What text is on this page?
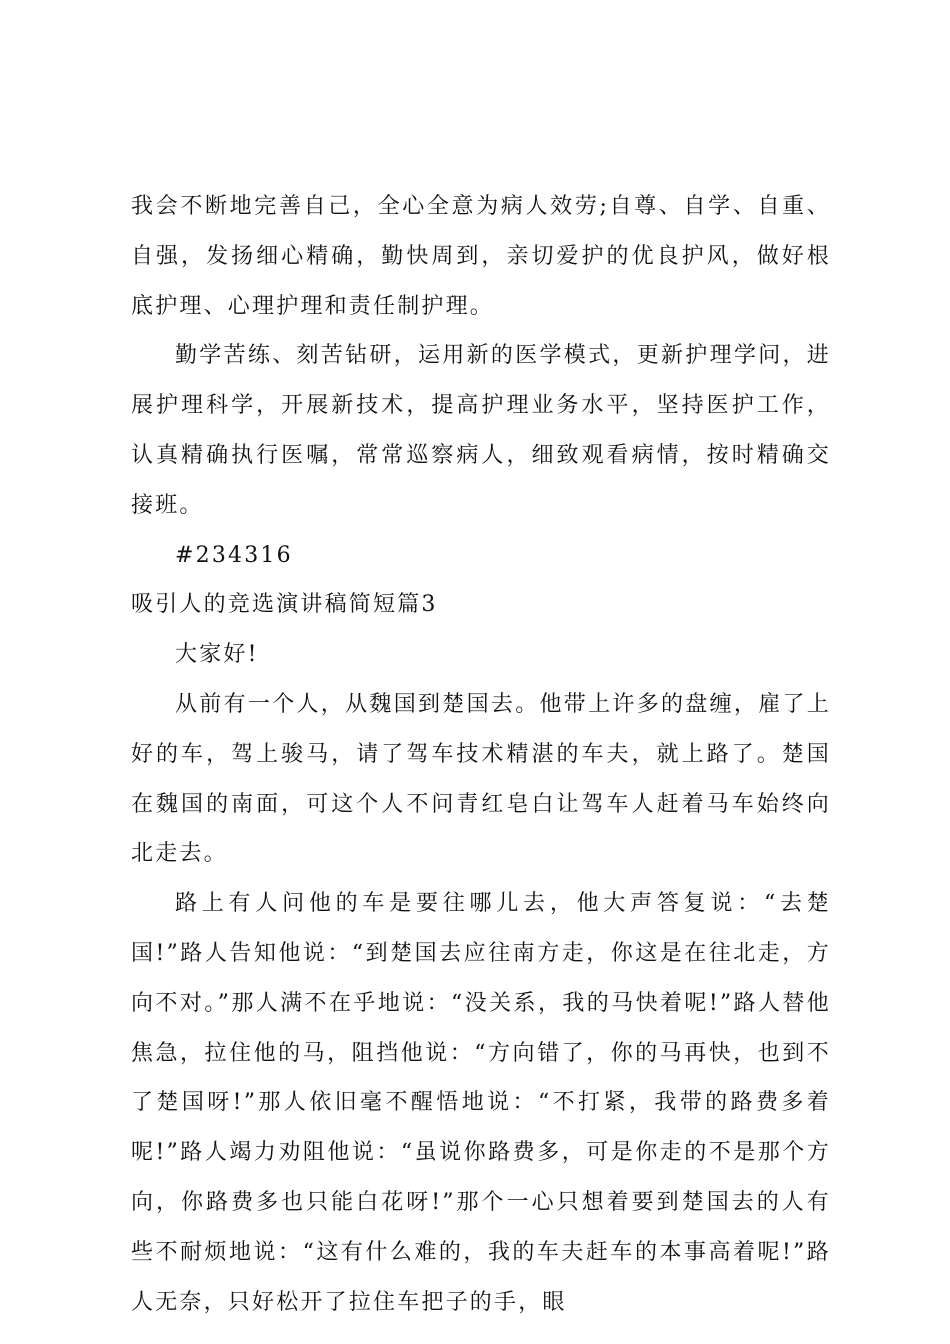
我会不断地完善自己，全心全意为病人效劳;自尊、自学、自重、自强，发扬细心精确，勤快周到，亲切爱护的优良护风，做好根底护理、心理护理和责任制护理。

勤学苦练、刻苦钻研，运用新的医学模式，更新护理学问，进展护理科学，开展新技术，提高护理业务水平，坚持医护工作，认真精确执行医嘱，常常巡察病人，细致观看病情，按时精确交接班。

#234316

吸引人的竞选演讲稿简短篇3

大家好!

从前有一个人，从魏国到楚国去。他带上许多的盘缠，雇了上好的车，驾上骏马，请了驾车技术精湛的车夫，就上路了。楚国在魏国的南面，可这个人不问青红皂白让驾车人赶着马车始终向北走去。

路上有人问他的车是要往哪儿去，他大声答复说：“去楚国!”路人告知他说：“到楚国去应往南方走，你这是在往北走，方向不对。”那人满不在乎地说：“没关系，我的马快着呢!”路人替他焦急，拉住他的马，阻挡他说：“方向错了，你的马再快，也到不了楚国呀!”那人依旧毫不醒悟地说：“不打紧，我带的路费多着呢!”路人竭力劝阻他说：“虽说你路费多，可是你走的不是那个方向，你路费多也只能白花呀!”那个一心只想着要到楚国去的人有些不耐烦地说：“这有什么难的，我的车夫赶车的本事高着呢!”路人无奈，只好松开了拉住车把子的手，眼
